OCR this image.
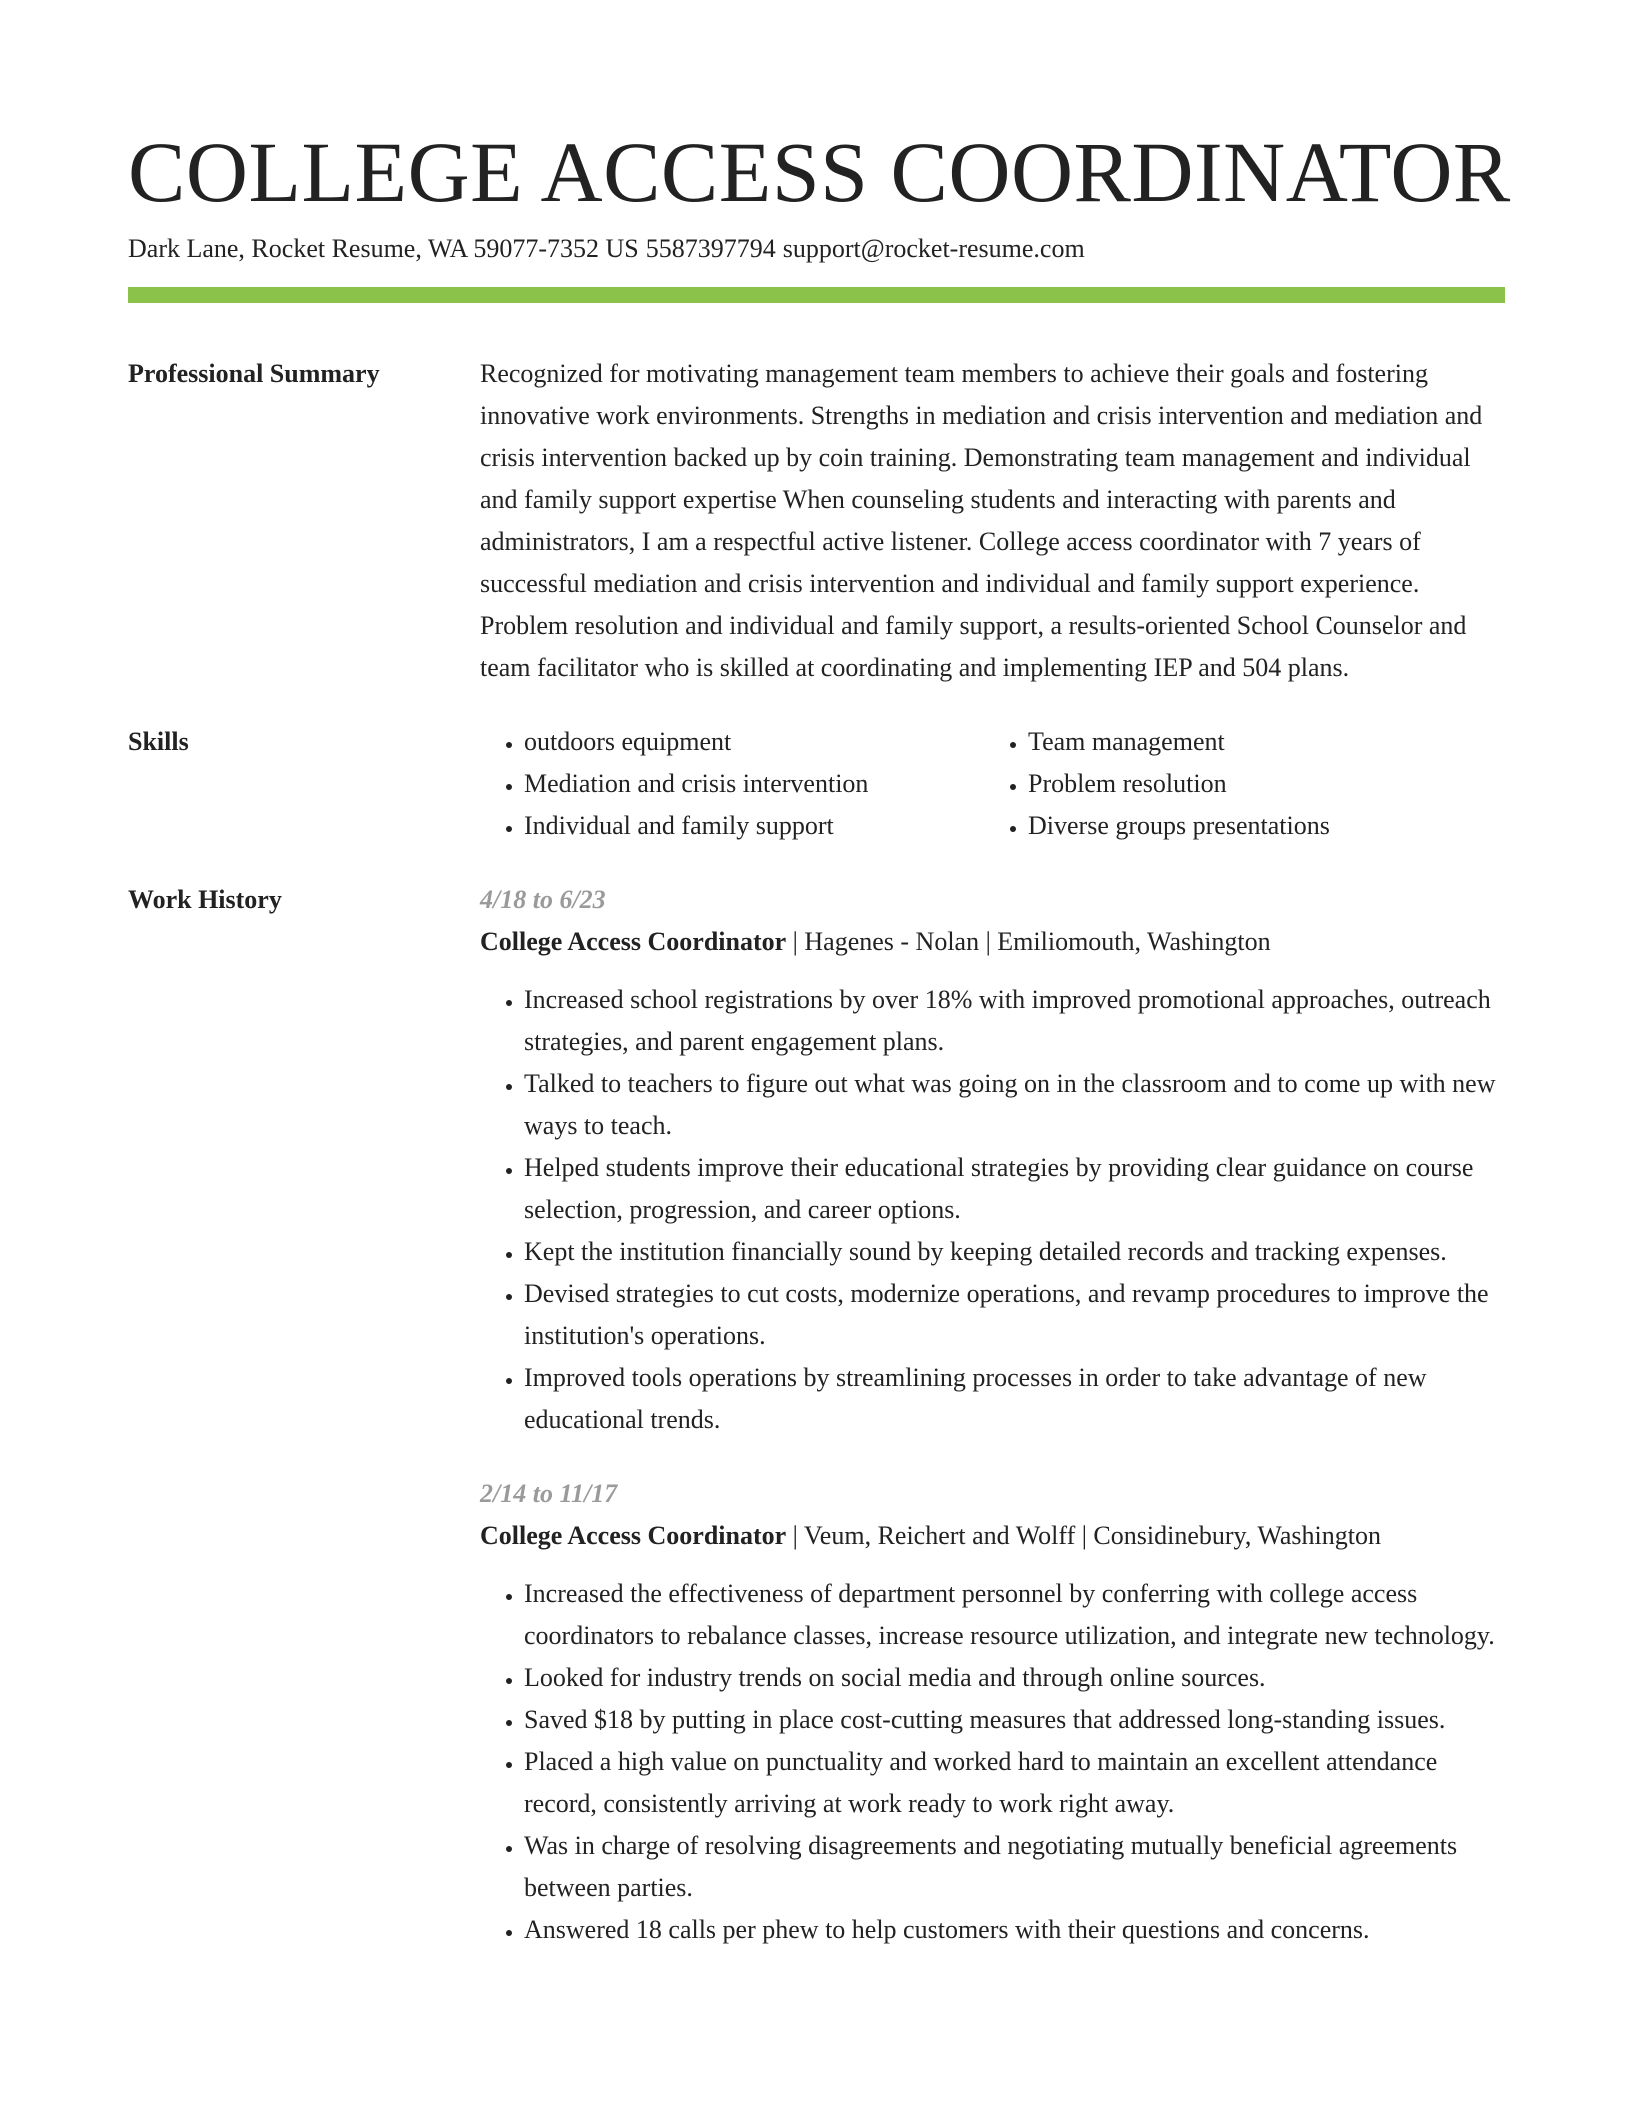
COLLEGE ACCESS COORDINATOR
Dark Lane, Rocket Resume, WA 59077-7352 US 5587397794 support@rocket-resume.com
Professional Summary	Recognized for motivating management team members to achieve their goals and fostering innovative work environments. Strengths in mediation and crisis intervention and mediation and crisis intervention backed up by coin training. Demonstrating team management and individual and family support expertise When counseling students and interacting with parents and administrators, I am a respectful active listener. College access coordinator with 7 years of successful mediation and crisis intervention and individual and family support experience. Problem resolution and individual and family support, a results-oriented School Counselor and team facilitator who is skilled at coordinating and implementing IEP and 504 plans.

Skills
•	outdoors equipment
• Mediation and crisis intervention
• Individual and family support
• Team management
• Problem resolution
• Diverse groups presentations
Work History	4/18 to 6/23
College Access Coordinator | Hagenes - Nolan | Emiliomouth, Washington
• Increased school registrations by over 18% with improved promotional approaches, outreach strategies, and parent engagement plans.
• Talked to teachers to figure out what was going on in the classroom and to come up with new ways to teach.
• Helped students improve their educational strategies by providing clear guidance on course selection, progression, and career options.
• Kept the institution financially sound by keeping detailed records and tracking expenses.
• Devised strategies to cut costs, modernize operations, and revamp procedures to improve the institution's operations.
• Improved tools operations by streamlining processes in order to take advantage of new educational trends.
2/14 to 11/17
College Access Coordinator | Veum, Reichert and Wolff | Considinebury, Washington
• Increased the effectiveness of department personnel by conferring with college access coordinators to rebalance classes, increase resource utilization, and integrate new technology.
• Looked for industry trends on social media and through online sources.
• Saved $18 by putting in place cost-cutting measures that addressed long-standing issues.
• Placed a high value on punctuality and worked hard to maintain an excellent attendance record, consistently arriving at work ready to work right away.
• Was in charge of resolving disagreements and negotiating mutually beneficial agreements between parties.
• Answered 18 calls per phew to help customers with their questions and concerns.
